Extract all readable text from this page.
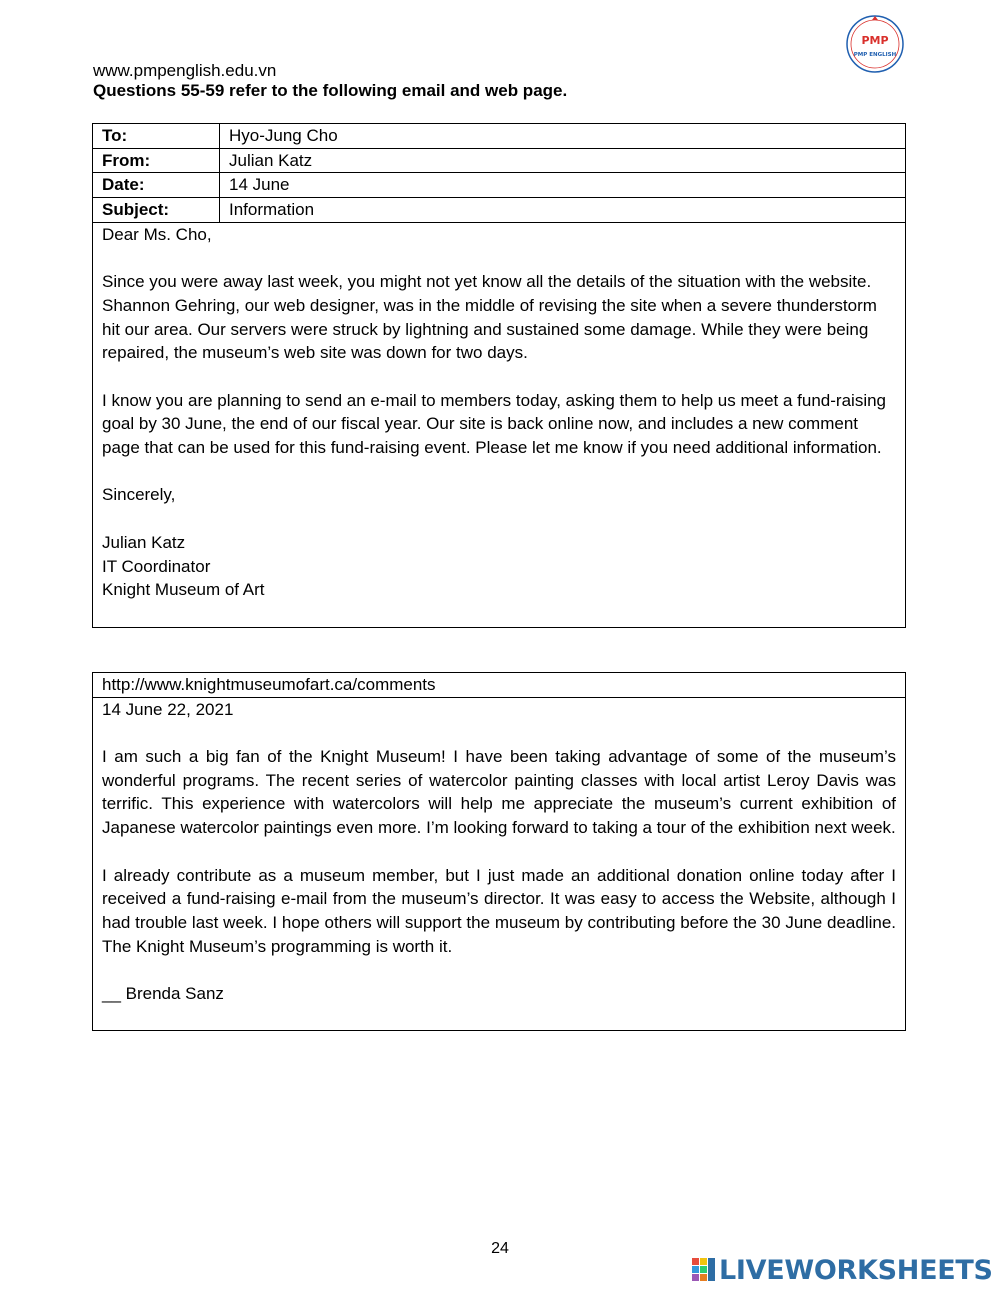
PMP
PMP ENGLISH
www.pmpenglish.edu.vn
Questions 55-59 refer to the following email and web page.
To:	Hyo-Jung Cho
From:	Julian Katz
Date:	14 June
Subject:	Information

Dear Ms. Cho,

Since you were away last week, you might not yet know all the details of the situation with the website. Shannon Gehring, our web designer, was in the middle of revising the site when a severe thunderstorm hit our area. Our servers were struck by lightning and sustained some damage. While they were being repaired, the museum’s web site was down for two days.

I know you are planning to send an e-mail to members today, asking them to help us meet a fund-raising goal by 30 June, the end of our fiscal year. Our site is back online now, and includes a new comment page that can be used for this fund-raising event. Please let me know if you need additional information.

Sincerely,

Julian Katz

IT Coordinator

Knight Museum of Art

http://www.knightmuseumofart.ca/comments

14 June 22, 2021

I am such a big fan of the Knight Museum! I have been taking advantage of some of the museum’s wonderful programs. The recent series of watercolor painting classes with local artist Leroy Davis was terrific. This experience with watercolors will help me appreciate the museum’s current exhibition of Japanese watercolor paintings even more. I’m looking forward to taking a tour of the exhibition next week.

I already contribute as a museum member, but I just made an additional donation online today after I received a fund-raising e-mail from the museum’s director. It was easy to access the Website, although I had trouble last week. I hope others will support the museum by contributing before the 30 June deadline. The Knight Museum’s programming is worth it.

__ Brenda Sanz

24
LIVEWORKSHEETS
